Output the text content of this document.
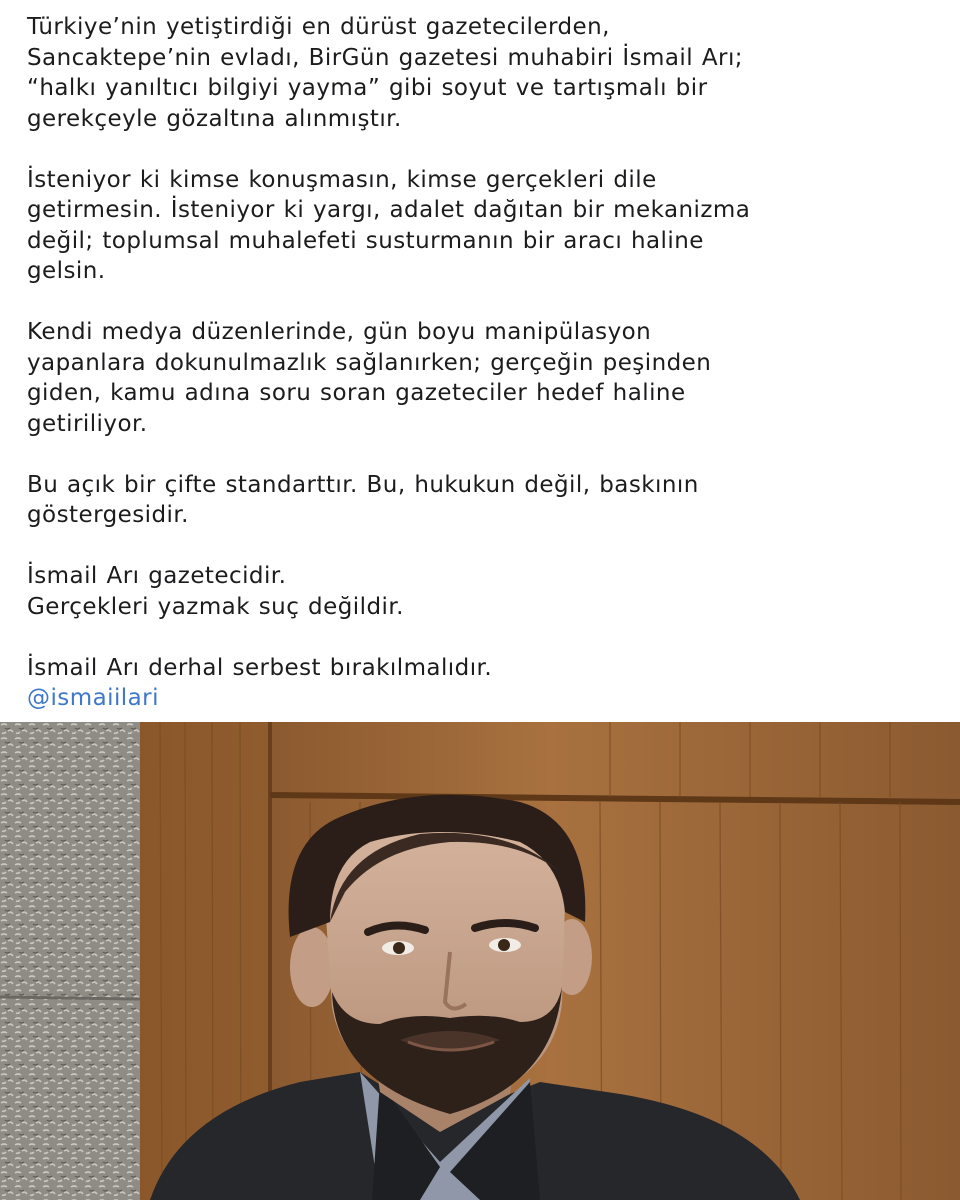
Türkiye’nin yetiştirdiği en dürüst gazetecilerden,
Sancaktepe’nin evladı, BirGün gazetesi muhabiri İsmail Arı;
“halkı yanıltıcı bilgiyi yayma” gibi soyut ve tartışmalı bir
gerekçeyle gözaltına alınmıştır.

İsteniyor ki kimse konuşmasın, kimse gerçekleri dile
getirmesin. İsteniyor ki yargı, adalet dağıtan bir mekanizma
değil; toplumsal muhalefeti susturmanın bir aracı haline
gelsin.

Kendi medya düzenlerinde, gün boyu manipülasyon
yapanlara dokunulmazlık sağlanırken; gerçeğin peşinden
giden, kamu adına soru soran gazeteciler hedef haline
getiriliyor.

Bu açık bir çifte standarttır. Bu, hukukun değil, baskının
göstergesidir.

İsmail Arı gazetecidir.
Gerçekleri yazmak suç değildir.

İsmail Arı derhal serbest bırakılmalıdır.

@ismaiilari
